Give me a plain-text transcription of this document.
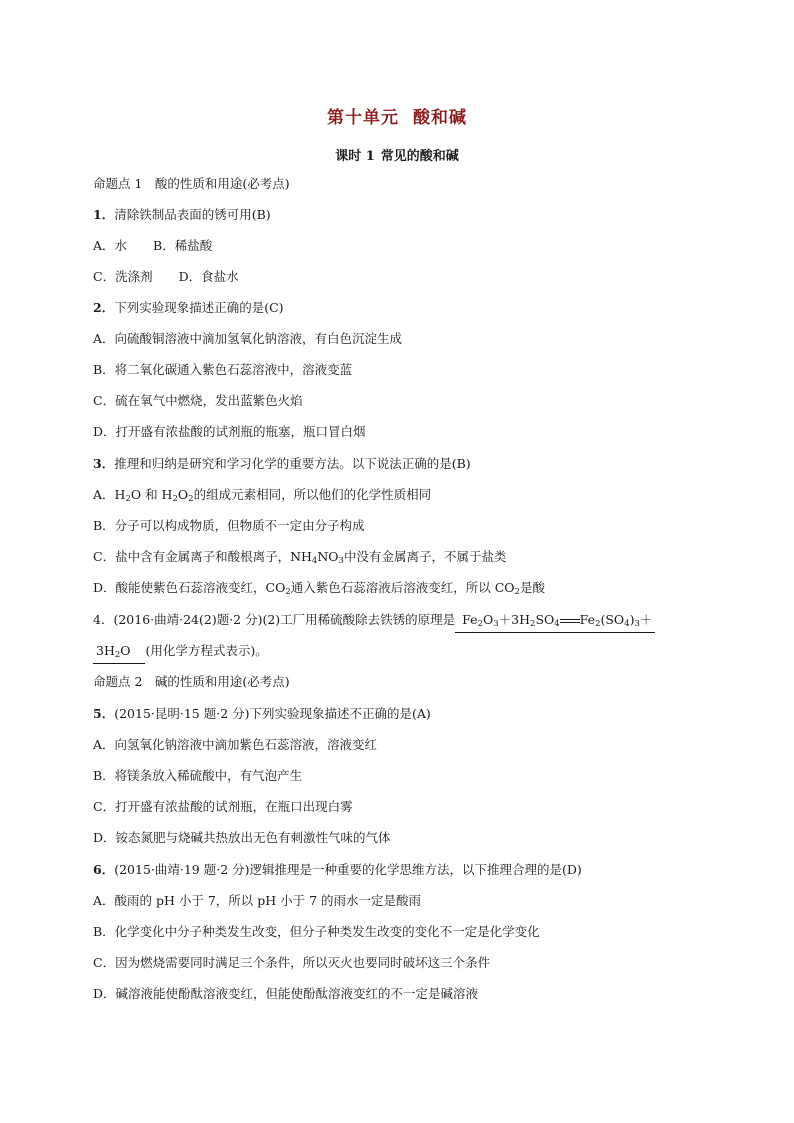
第十单元 酸和碱
课时 1 常见的酸和碱
命题点 1　酸的性质和用途(必考点)
1．清除铁制品表面的锈可用(B)
A．水 B．稀盐酸
C．洗涤剂 D．食盐水
2．下列实验现象描述正确的是(C)
A．向硫酸铜溶液中滴加氢氧化钠溶液，有白色沉淀生成
B．将二氧化碳通入紫色石蕊溶液中，溶液变蓝
C．硫在氧气中燃烧，发出蓝紫色火焰
D．打开盛有浓盐酸的试剂瓶的瓶塞，瓶口冒白烟
3．推理和归纳是研究和学习化学的重要方法。以下说法正确的是(B)
A．$H_2O$ 和 $H_2O_2$的组成元素相同，所以他们的化学性质相同
B．分子可以构成物质，但物质不一定由分子构成
C．盐中含有金属离子和酸根离子，$NH_4NO_3$中没有金属离子，不属于盐类
D．酸能使紫色石蕊溶液变红，$CO_2$通入紫色石蕊溶液后溶液变红，所以 $CO_2$是酸
4．(2016·曲靖·24(2)题·2 分)(2)工厂用稀硫酸除去铁锈的原理是 $Fe_2O_3+3H_2SO_4$ $Fe_2(SO_4)_3+$
$3H_2O$ (用化学方程式表示)。
命题点 2　碱的性质和用途(必考点)
5．(2015·昆明·15 题·2 分)下列实验现象描述不正确的是(A)
A．向氢氧化钠溶液中滴加紫色石蕊溶液，溶液变红
B．将镁条放入稀硫酸中，有气泡产生
C．打开盛有浓盐酸的试剂瓶，在瓶口出现白雾
D．铵态氮肥与烧碱共热放出无色有刺激性气味的气体
6．(2015·曲靖·19 题·2 分)逻辑推理是一种重要的化学思维方法，以下推理合理的是(D)
A．酸雨的 pH 小于 7，所以 pH 小于 7 的雨水一定是酸雨
B．化学变化中分子种类发生改变，但分子种类发生改变的变化不一定是化学变化
C．因为燃烧需要同时满足三个条件，所以灭火也要同时破坏这三个条件
D．碱溶液能使酚酞溶液变红，但能使酚酞溶液变红的不一定是碱溶液
